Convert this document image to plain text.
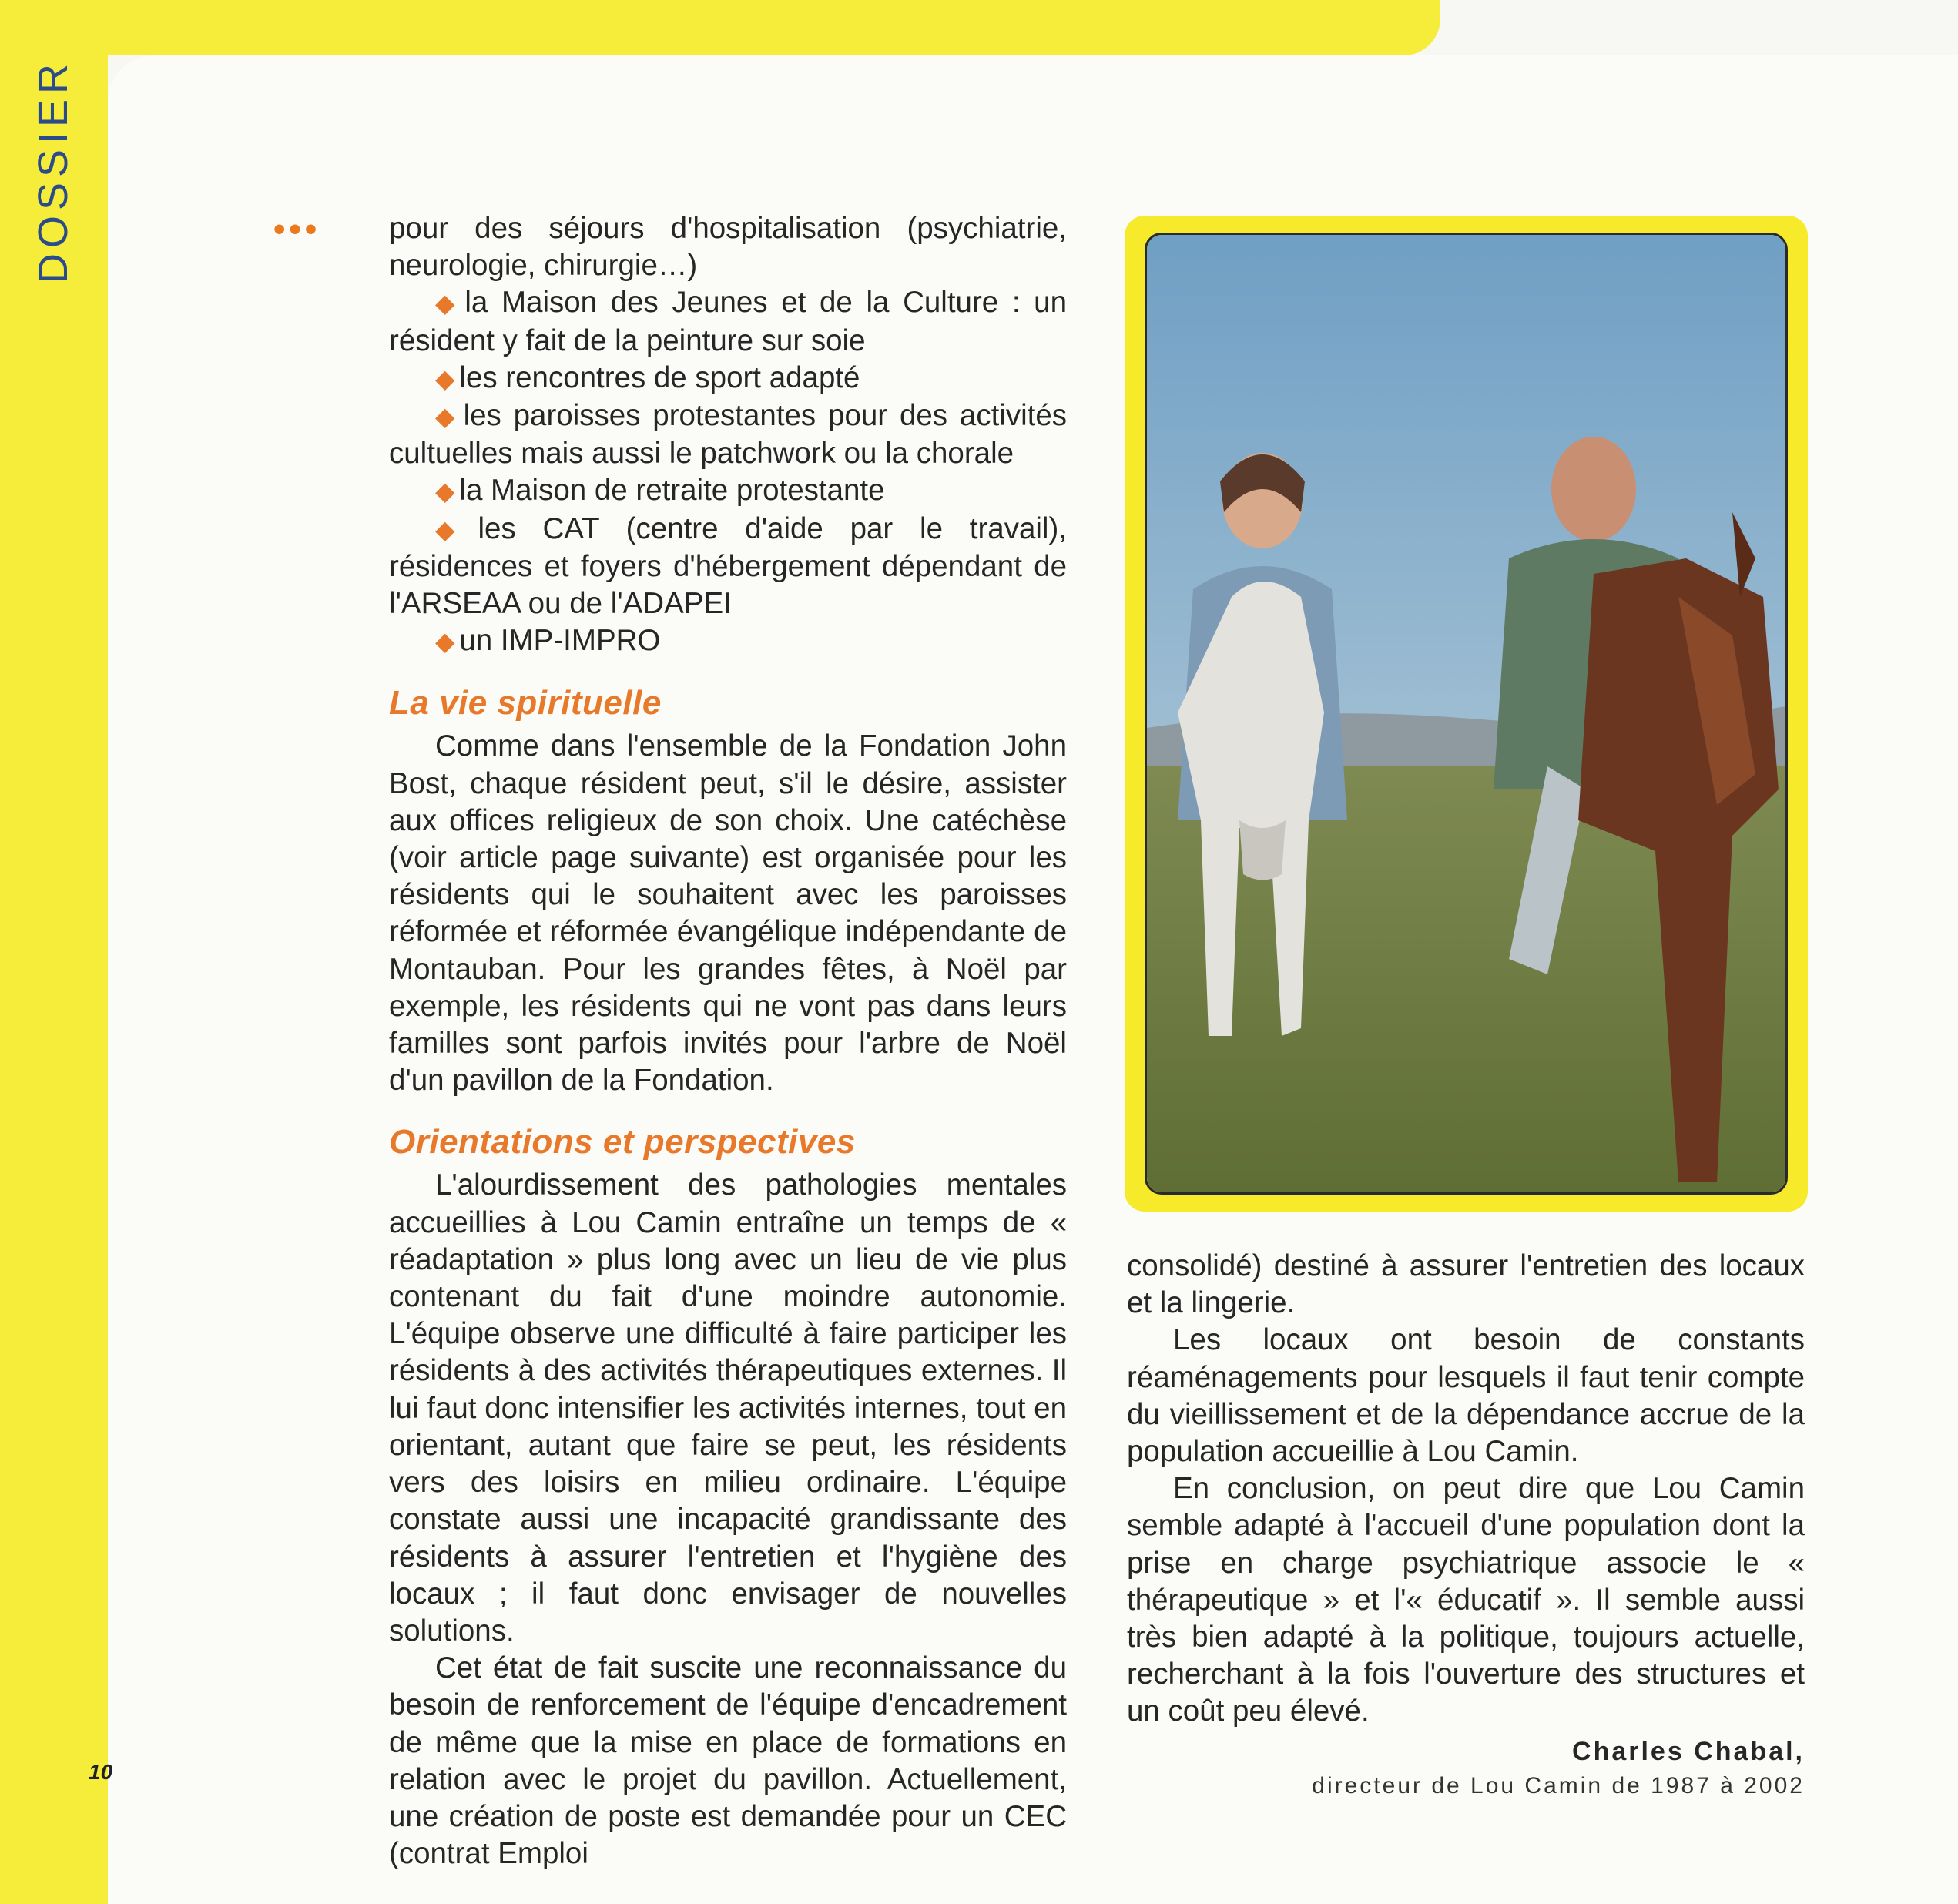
DOSSIER	••• pour des séjours d'hospitalisation (psychiatrie, neurologie, chirurgie…)

◆ la Maison des Jeunes et de la Culture : un résident y fait de la peinture sur soie

◆ les rencontres de sport adapté

◆ les paroisses protestantes pour des activités cultuelles mais aussi le patchwork ou la chorale

◆ la Maison de retraite protestante

◆ les CAT (centre d'aide par le travail), résidences et foyers d'hébergement dépendant de l'ARSEAA ou de l'ADAPEI

◆ un IMP-IMPRO

La vie spirituelle

Comme dans l'ensemble de la Fondation John Bost, chaque résident peut, s'il le désire, assister aux offices religieux de son choix. Une catéchèse (voir article page suivante) est organisée pour les résidents qui le souhaitent avec les paroisses réformée et réformée évangélique indépendante de Montauban. Pour les grandes fêtes, à Noël par exemple, les résidents qui ne vont pas dans leurs familles sont parfois invités pour l'arbre de Noël d'un pavillon de la Fondation.

Orientations et perspectives

L'alourdissement des pathologies mentales accueillies à Lou Camin entraîne un temps de « réadaptation » plus long avec un lieu de vie plus contenant du fait d'une moindre autonomie. L'équipe observe une difficulté à faire participer les résidents à des activités thérapeutiques externes. Il lui faut donc intensifier les activités internes, tout en orientant, autant que faire se peut, les résidents vers des loisirs en milieu ordinaire. L'équipe constate aussi une incapacité grandissante des résidents à assurer l'entretien et l'hygiène des locaux ; il faut donc envisager de nouvelles solutions.

Cet état de fait suscite une reconnaissance du besoin de renforcement de l'équipe d'encadrement de même que la mise en place de formations en relation avec le projet du pavillon. Actuellement, une création de poste est demandée pour un CEC (contrat Emploi

consolidé) destiné à assurer l'entretien des locaux et la lingerie.

Les locaux ont besoin de constants réaménagements pour lesquels il faut tenir compte du vieillissement et de la dépendance accrue de la population accueillie à Lou Camin.

En conclusion, on peut dire que Lou Camin semble adapté à l'accueil d'une population dont la prise en charge psychiatrique associe le « thérapeutique » et l'« éducatif ». Il semble aussi très bien adapté à la politique, toujours actuelle, recherchant à la fois l'ouverture des structures et un coût peu élevé.

Charles Chabal,
directeur de Lou Camin de 1987 à 2002
10
